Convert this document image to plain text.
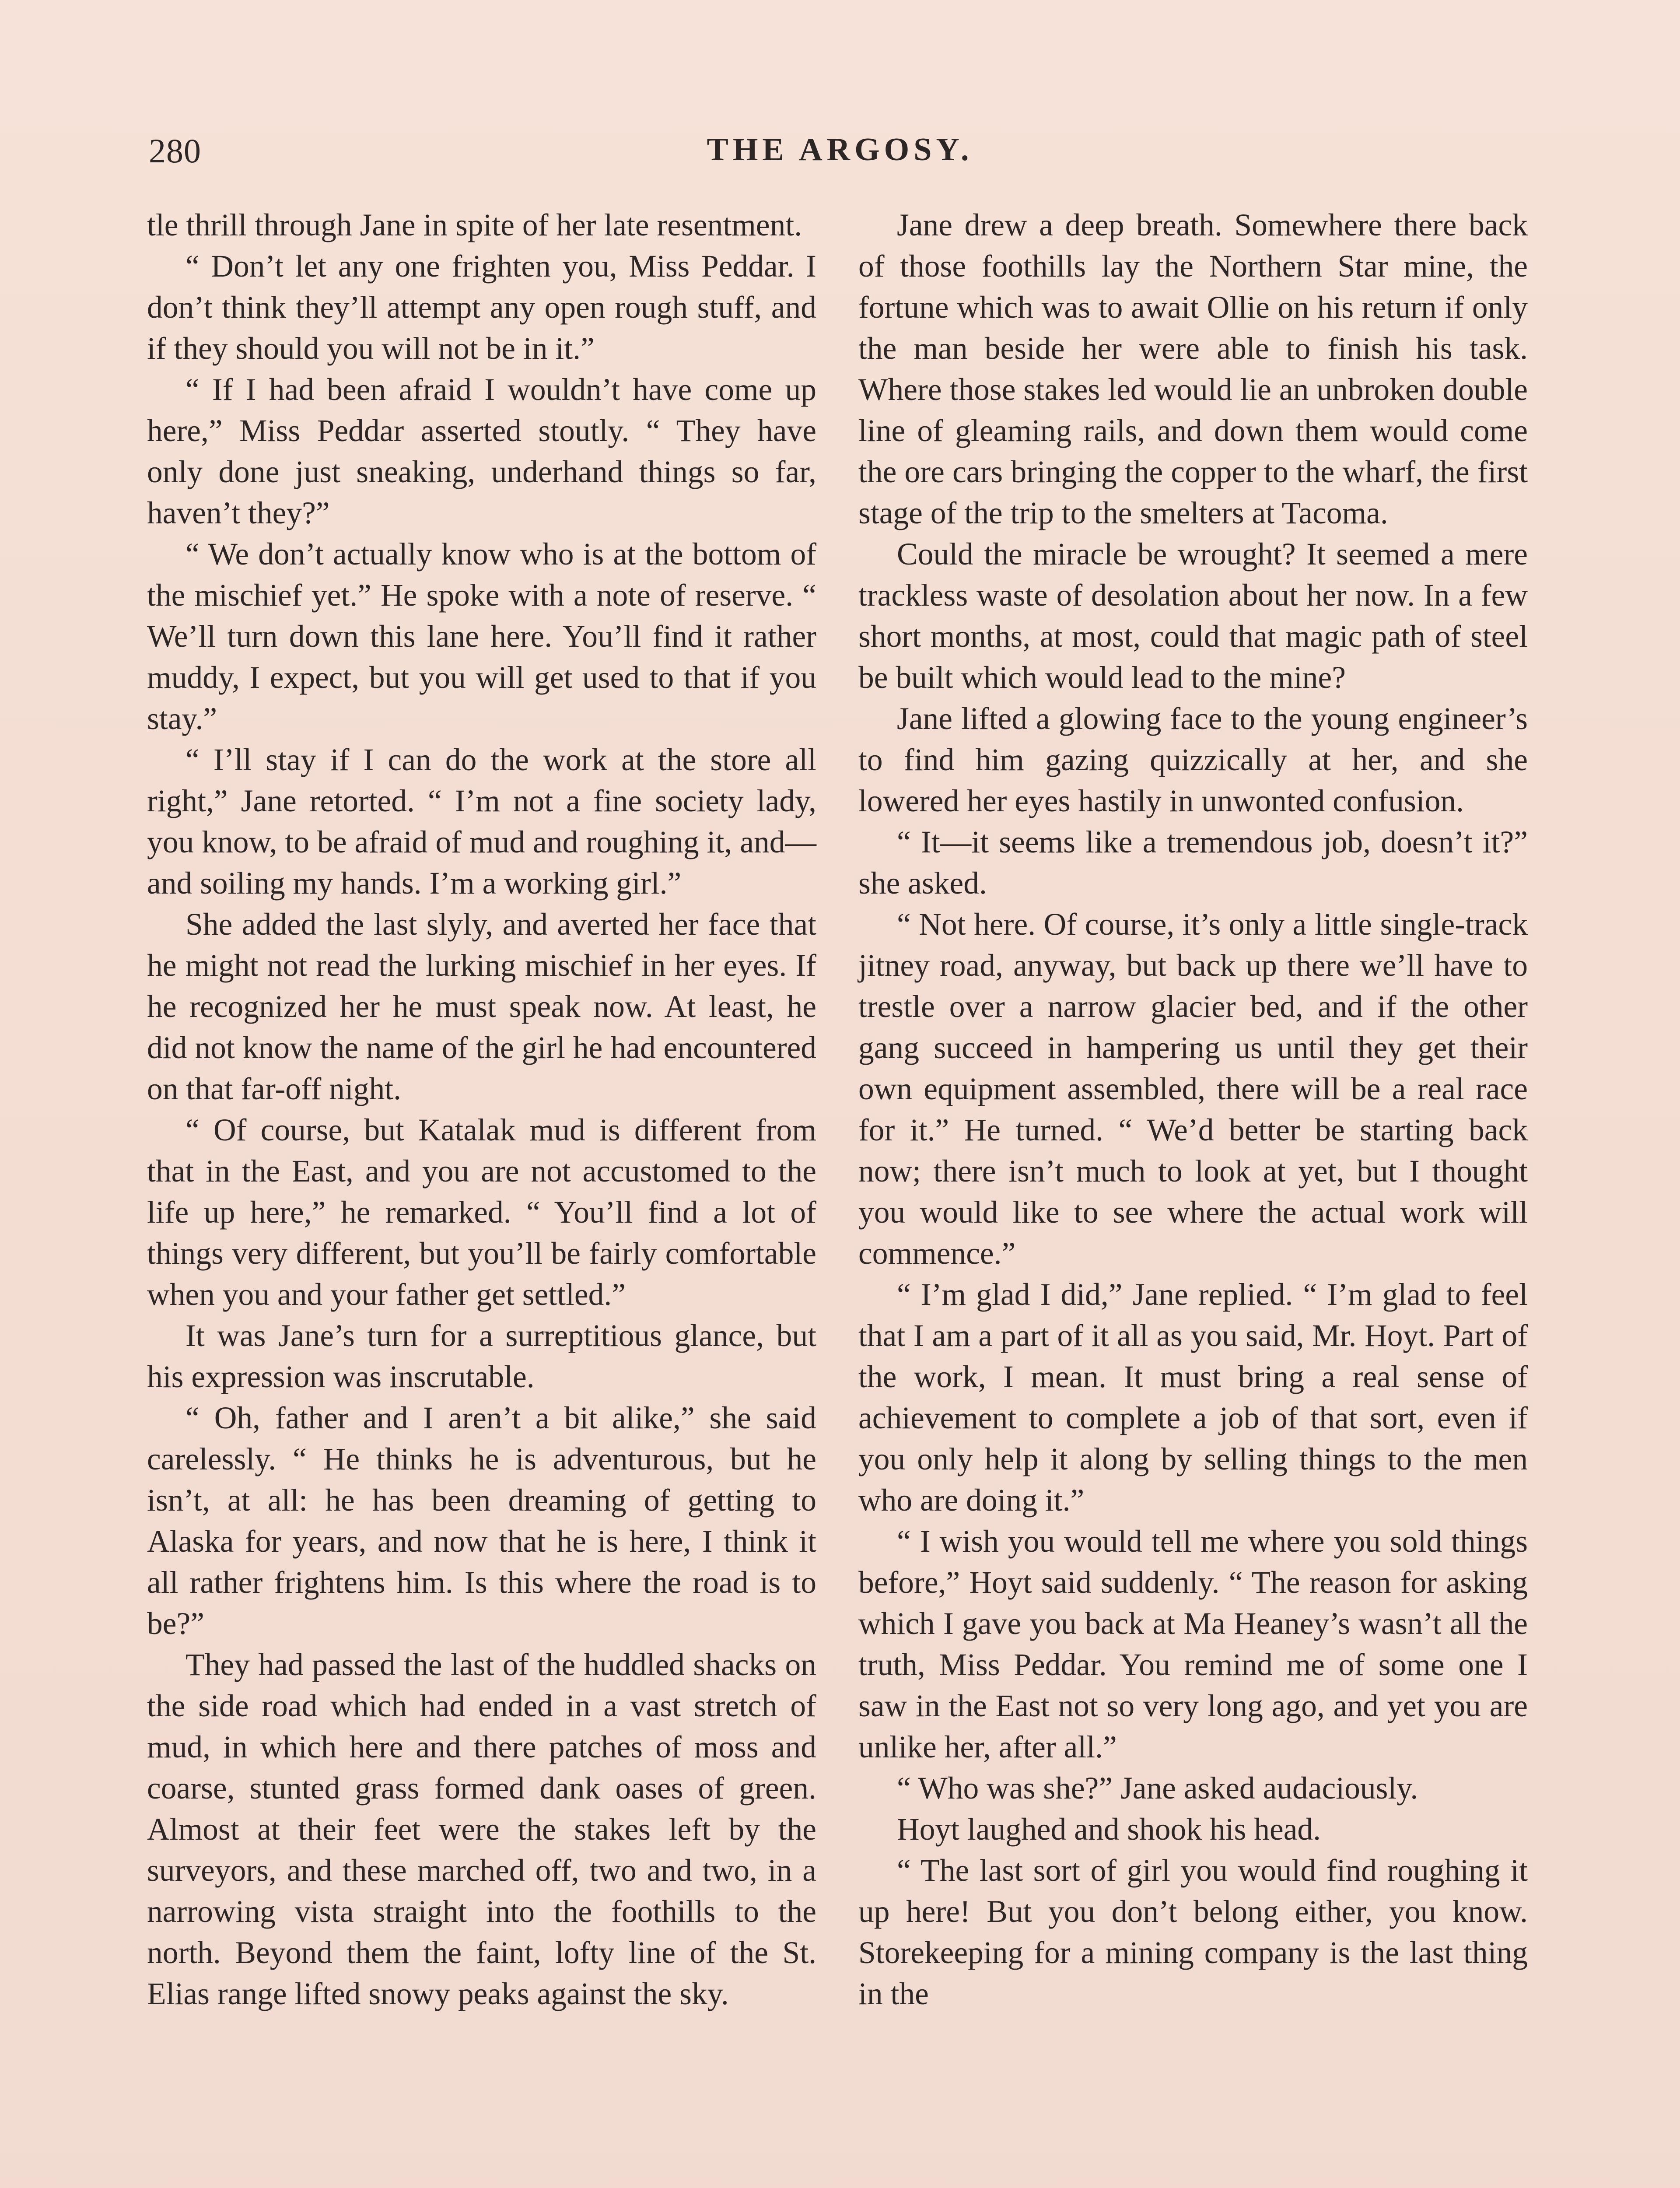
280	THE ARGOSY.

tle thrill through Jane in spite of her late resentment.

“ Don’t let any one frighten you, Miss Peddar. I don’t think they’ll attempt any open rough stuff, and if they should you will not be in it.”

“ If I had been afraid I wouldn’t have come up here,” Miss Peddar asserted stoutly. “ They have only done just sneaking, underhand things so far, haven’t they?”

“ We don’t actually know who is at the bottom of the mischief yet.” He spoke with a note of reserve. “ We’ll turn down this lane here. You’ll find it rather muddy, I expect, but you will get used to that if you stay.”

“ I’ll stay if I can do the work at the store all right,” Jane retorted. “ I’m not a fine society lady, you know, to be afraid of mud and roughing it, and—and soiling my hands. I’m a working girl.”

She added the last slyly, and averted her face that he might not read the lurking mischief in her eyes. If he recognized her he must speak now. At least, he did not know the name of the girl he had encountered on that far-off night.

“ Of course, but Katalak mud is different from that in the East, and you are not accustomed to the life up here,” he remarked. “ You’ll find a lot of things very different, but you’ll be fairly comfortable when you and your father get settled.”

It was Jane’s turn for a surreptitious glance, but his expression was inscrutable.

“ Oh, father and I aren’t a bit alike,” she said carelessly. “ He thinks he is adventurous, but he isn’t, at all: he has been dreaming of getting to Alaska for years, and now that he is here, I think it all rather frightens him. Is this where the road is to be?”

They had passed the last of the huddled shacks on the side road which had ended in a vast stretch of mud, in which here and there patches of moss and coarse, stunted grass formed dank oases of green. Almost at their feet were the stakes left by the surveyors, and these marched off, two and two, in a narrowing vista straight into the foothills to the north. Beyond them the faint, lofty line of the St. Elias range lifted snowy peaks against the sky.

Jane drew a deep breath. Somewhere there back of those foothills lay the Northern Star mine, the fortune which was to await Ollie on his return if only the man beside her were able to finish his task. Where those stakes led would lie an unbroken double line of gleaming rails, and down them would come the ore cars bringing the copper to the wharf, the first stage of the trip to the smelters at Tacoma.

Could the miracle be wrought? It seemed a mere trackless waste of desolation about her now. In a few short months, at most, could that magic path of steel be built which would lead to the mine?

Jane lifted a glowing face to the young engineer’s to find him gazing quizzically at her, and she lowered her eyes hastily in unwonted confusion.

“ It—it seems like a tremendous job, doesn’t it?” she asked.

“ Not here. Of course, it’s only a little single-track jitney road, anyway, but back up there we’ll have to trestle over a narrow glacier bed, and if the other gang succeed in hampering us until they get their own equipment assembled, there will be a real race for it.” He turned. “ We’d better be starting back now; there isn’t much to look at yet, but I thought you would like to see where the actual work will commence.”

“ I’m glad I did,” Jane replied. “ I’m glad to feel that I am a part of it all as you said, Mr. Hoyt. Part of the work, I mean. It must bring a real sense of achievement to complete a job of that sort, even if you only help it along by selling things to the men who are doing it.”

“ I wish you would tell me where you sold things before,” Hoyt said suddenly. “ The reason for asking which I gave you back at Ma Heaney’s wasn’t all the truth, Miss Peddar. You remind me of some one I saw in the East not so very long ago, and yet you are unlike her, after all.”

“ Who was she?” Jane asked audaciously.

Hoyt laughed and shook his head.

“ The last sort of girl you would find roughing it up here! But you don’t belong either, you know. Storekeeping for a mining company is the last thing in the
